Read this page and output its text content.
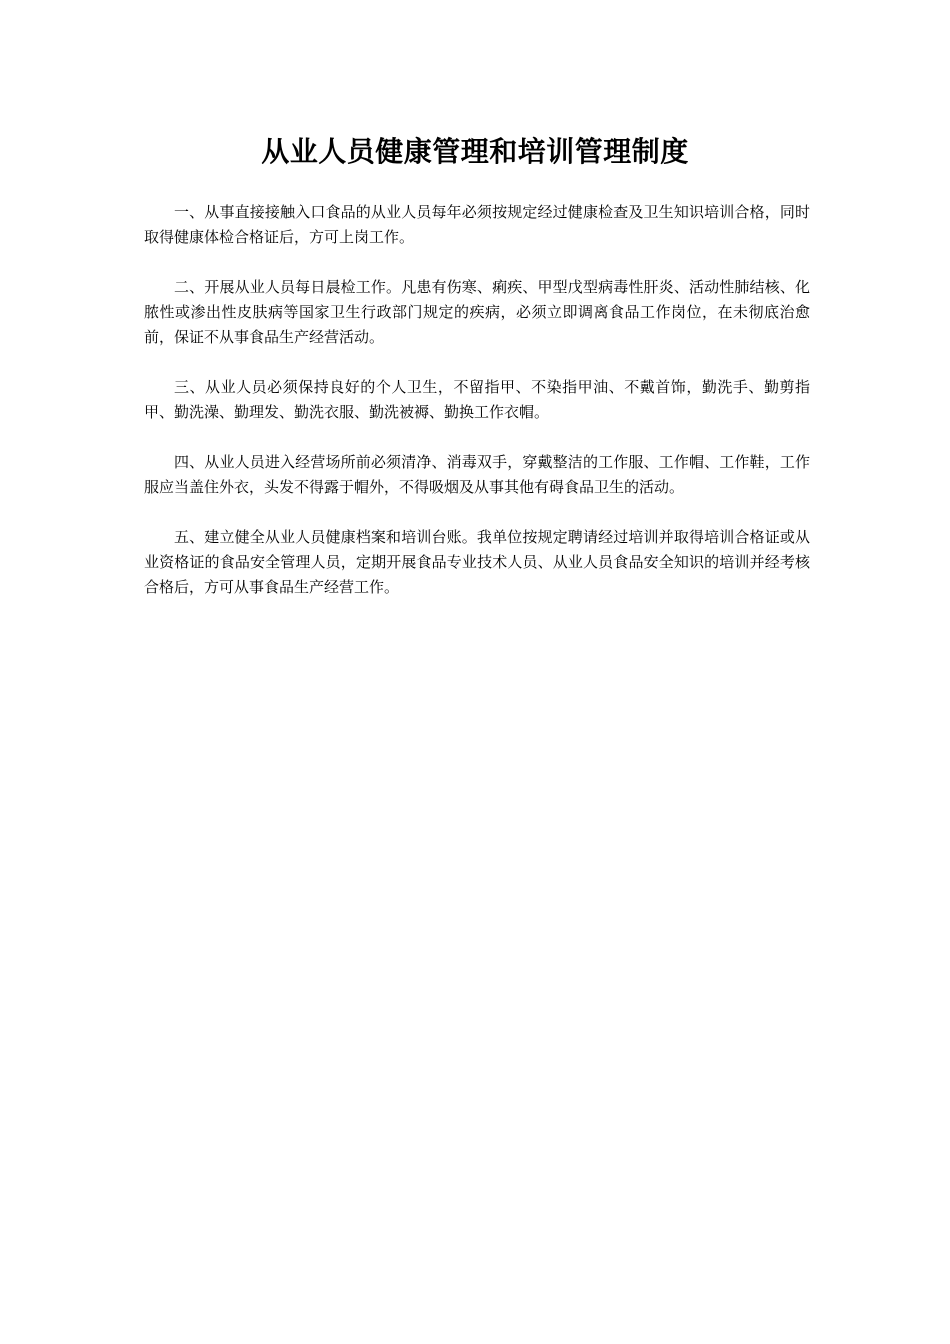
从业人员健康管理和培训管理制度

一、从事直接接触入口食品的从业人员每年必须按规定经过健康检查及卫生知识培训合格，同时取得健康体检合格证后，方可上岗工作。

二、开展从业人员每日晨检工作。凡患有伤寒、痢疾、甲型戊型病毒性肝炎、活动性肺结核、化脓性或渗出性皮肤病等国家卫生行政部门规定的疾病，必须立即调离食品工作岗位，在未彻底治愈前，保证不从事食品生产经营活动。

三、从业人员必须保持良好的个人卫生，不留指甲、不染指甲油、不戴首饰，勤洗手、勤剪指甲、勤洗澡、勤理发、勤洗衣服、勤洗被褥、勤换工作衣帽。

四、从业人员进入经营场所前必须清净、消毒双手，穿戴整洁的工作服、工作帽、工作鞋，工作服应当盖住外衣，头发不得露于帽外，不得吸烟及从事其他有碍食品卫生的活动。

五、建立健全从业人员健康档案和培训台账。我单位按规定聘请经过培训并取得培训合格证或从业资格证的食品安全管理人员，定期开展食品专业技术人员、从业人员食品安全知识的培训并经考核合格后，方可从事食品生产经营工作。
